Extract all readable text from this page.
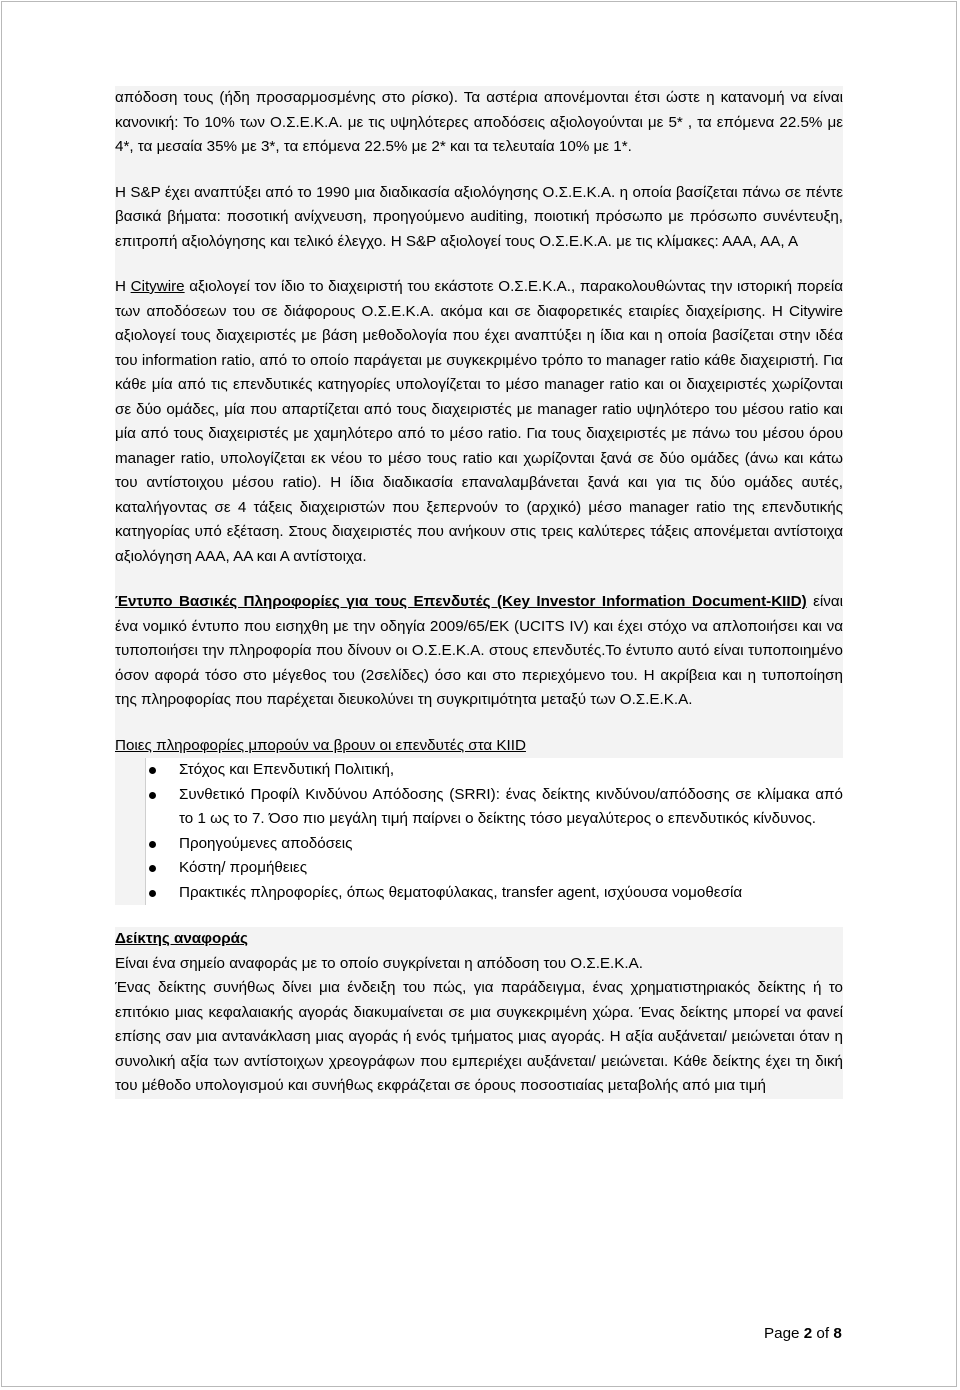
απόδοση τους (ήδη προσαρμοσμένης στο ρίσκο). Τα αστέρια απονέμονται έτσι ώστε η κατανομή να είναι κανονική: Το 10% των Ο.Σ.Ε.Κ.Α. με τις υψηλότερες αποδόσεις αξιολογούνται με 5* , τα επόμενα 22.5% με 4*, τα μεσαία 35% με 3*, τα επόμενα 22.5% με 2* και τα τελευταία 10% με 1*.

Η S&P έχει αναπτύξει από το 1990 μια διαδικασία αξιολόγησης Ο.Σ.Ε.Κ.Α. η οποία βασίζεται πάνω σε πέντε βασικά βήματα: ποσοτική ανίχνευση, προηγούμενο auditing, ποιοτική πρόσωπο με πρόσωπο συνέντευξη, επιτροπή αξιολόγησης και τελικό έλεγχο. Η S&P αξιολογεί τους Ο.Σ.Ε.Κ.Α. με τις κλίμακες: ΑΑΑ, ΑΑ, Α

Η Citywire αξιολογεί τον ίδιο το διαχειριστή του εκάστοτε Ο.Σ.Ε.Κ.Α., παρακολουθώντας την ιστορική πορεία των αποδόσεων του σε διάφορους Ο.Σ.Ε.Κ.Α. ακόμα και σε διαφορετικές εταιρίες διαχείρισης. Η Citywire αξιολογεί τους διαχειριστές με βάση μεθοδολογία που έχει αναπτύξει η ίδια και η οποία βασίζεται στην ιδέα του information ratio, από το οποίο παράγεται με συγκεκριμένο τρόπο το manager ratio κάθε διαχειριστή. Για κάθε μία από τις επενδυτικές κατηγορίες υπολογίζεται το μέσο manager ratio και οι διαχειριστές χωρίζονται σε δύο ομάδες, μία που απαρτίζεται από τους διαχειριστές με manager ratio υψηλότερο του μέσου ratio και μία από τους διαχειριστές με χαμηλότερο από το μέσο ratio. Για τους διαχειριστές με πάνω του μέσου όρου manager ratio, υπολογίζεται εκ νέου το μέσο τους ratio και χωρίζονται ξανά σε δύο ομάδες (άνω και κάτω του αντίστοιχου μέσου ratio). Η ίδια διαδικασία επαναλαμβάνεται ξανά και για τις δύο ομάδες αυτές, καταλήγοντας σε 4 τάξεις διαχειριστών που ξεπερνούν το (αρχικό) μέσο manager ratio της επενδυτικής κατηγορίας υπό εξέταση. Στους διαχειριστές που ανήκουν στις τρεις καλύτερες τάξεις απονέμεται αντίστοιχα αξιολόγηση ΑΑΑ, ΑΑ και Α αντίστοιχα.

Έντυπο Βασικές Πληροφορίες για τους Επενδυτές (Key Investor Information Document-KIID) είναι ένα νομικό έντυπο που εισηχθη με την οδηγία 2009/65/ΕΚ (UCITS IV) και έχει στόχο να απλοποιήσει και να τυποποιήσει την πληροφορία που δίνουν οι Ο.Σ.Ε.Κ.Α. στους επενδυτές.Το έντυπο αυτό είναι τυποποιημένο όσον αφορά τόσο στο μέγεθος του (2σελίδες) όσο και στο περιεχόμενο του. Η ακρίβεια και η τυποποίηση της πληροφορίας που παρέχεται διευκολύνει τη συγκριτιμότητα μεταξύ των Ο.Σ.Ε.Κ.Α.

Ποιες πληροφορίες μπορούν να βρουν οι επενδυτές στα KIID

Στόχος και Επενδυτική Πολιτική,
Συνθετικό Προφίλ Κινδύνου Απόδοσης (SRRI): ένας δείκτης κινδύνου/απόδοσης σε κλίμακα από το 1 ως το 7. Όσο πιο μεγάλη τιμή παίρνει ο δείκτης τόσο μεγαλύτερος ο επενδυτικός κίνδυνος.
Προηγούμενες αποδόσεις
Κόστη/ προμήθειες
Πρακτικές πληροφορίες, όπως θεματοφύλακας, transfer agent, ισχύουσα νομοθεσία

Δείκτης αναφοράς

Είναι ένα σημείο αναφοράς με το οποίο συγκρίνεται η απόδοση του Ο.Σ.Ε.Κ.Α.

Ένας δείκτης συνήθως δίνει μια ένδειξη του πώς, για παράδειγμα, ένας χρηματιστηριακός δείκτης ή το επιτόκιο μιας κεφαλαιακής αγοράς διακυμαίνεται σε μια συγκεκριμένη χώρα. Ένας δείκτης μπορεί να φανεί επίσης σαν μια αντανάκλαση μιας αγοράς ή ενός τμήματος μιας αγοράς. Η αξία αυξάνεται/ μειώνεται όταν η συνολική αξία των αντίστοιχων χρεογράφων που εμπεριέχει αυξάνεται/ μειώνεται. Κάθε δείκτης έχει τη δική του μέθοδο υπολογισμού και συνήθως εκφράζεται σε όρους ποσοστιαίας μεταβολής από μια τιμή

Page 2 of 8
